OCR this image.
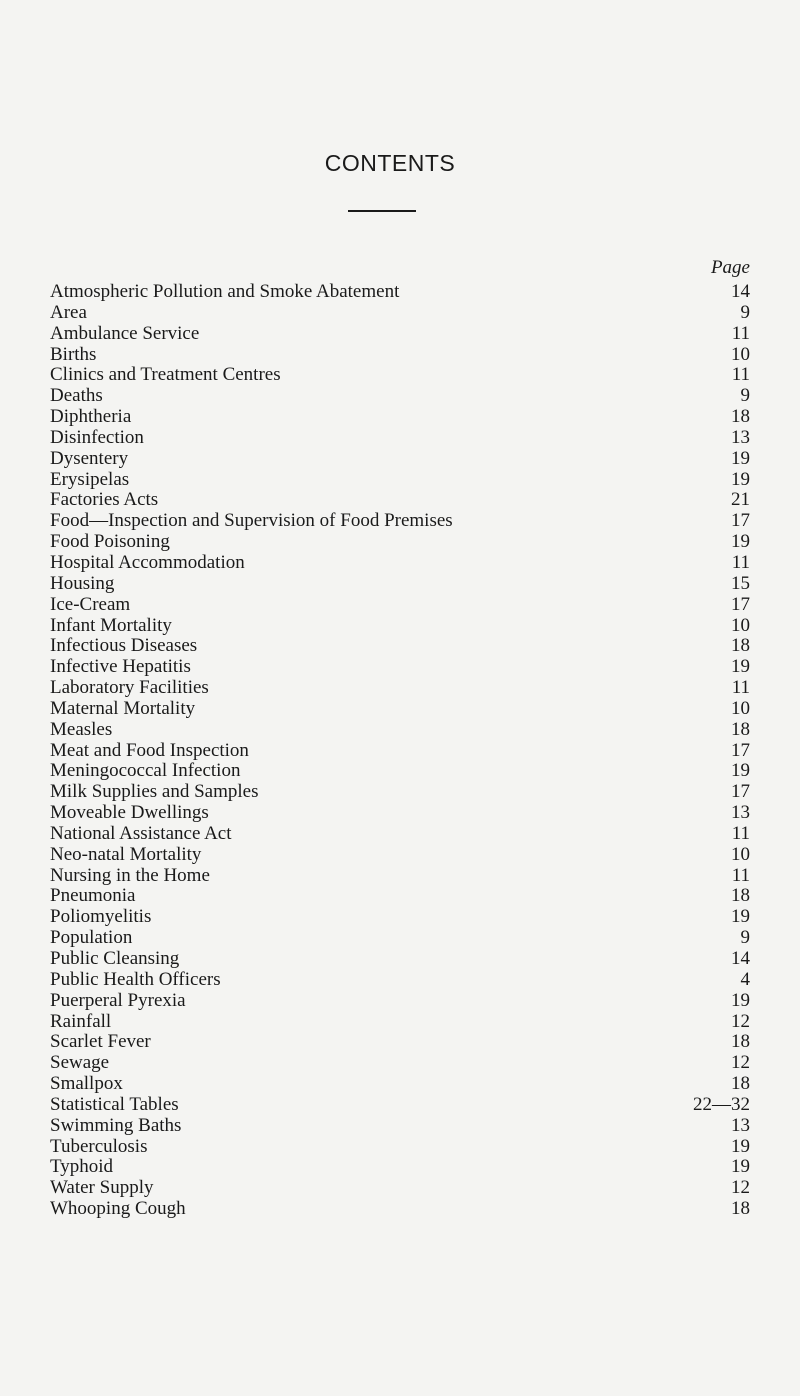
CONTENTS
Page
Atmospheric Pollution and Smoke Abatement	14
Area	9
Ambulance Service	11
Births	10
Clinics and Treatment Centres	11
Deaths	9
Diphtheria	18
Disinfection	13
Dysentery	19
Erysipelas	19
Factories Acts	21
Food—Inspection and Supervision of Food Premises	17
Food Poisoning	19
Hospital Accommodation	11
Housing	15
Ice-Cream	17
Infant Mortality	10
Infectious Diseases	18
Infective Hepatitis	19
Laboratory Facilities	11
Maternal Mortality	10
Measles	18
Meat and Food Inspection	17
Meningococcal Infection	19
Milk Supplies and Samples	17
Moveable Dwellings	13
National Assistance Act	11
Neo-natal Mortality	10
Nursing in the Home	11
Pneumonia	18
Poliomyelitis	19
Population	9
Public Cleansing	14
Public Health Officers	4
Puerperal Pyrexia	19
Rainfall	12
Scarlet Fever	18
Sewage	12
Smallpox	18
Statistical Tables	22—32
Swimming Baths	13
Tuberculosis	19
Typhoid	19
Water Supply	12
Whooping Cough	18
